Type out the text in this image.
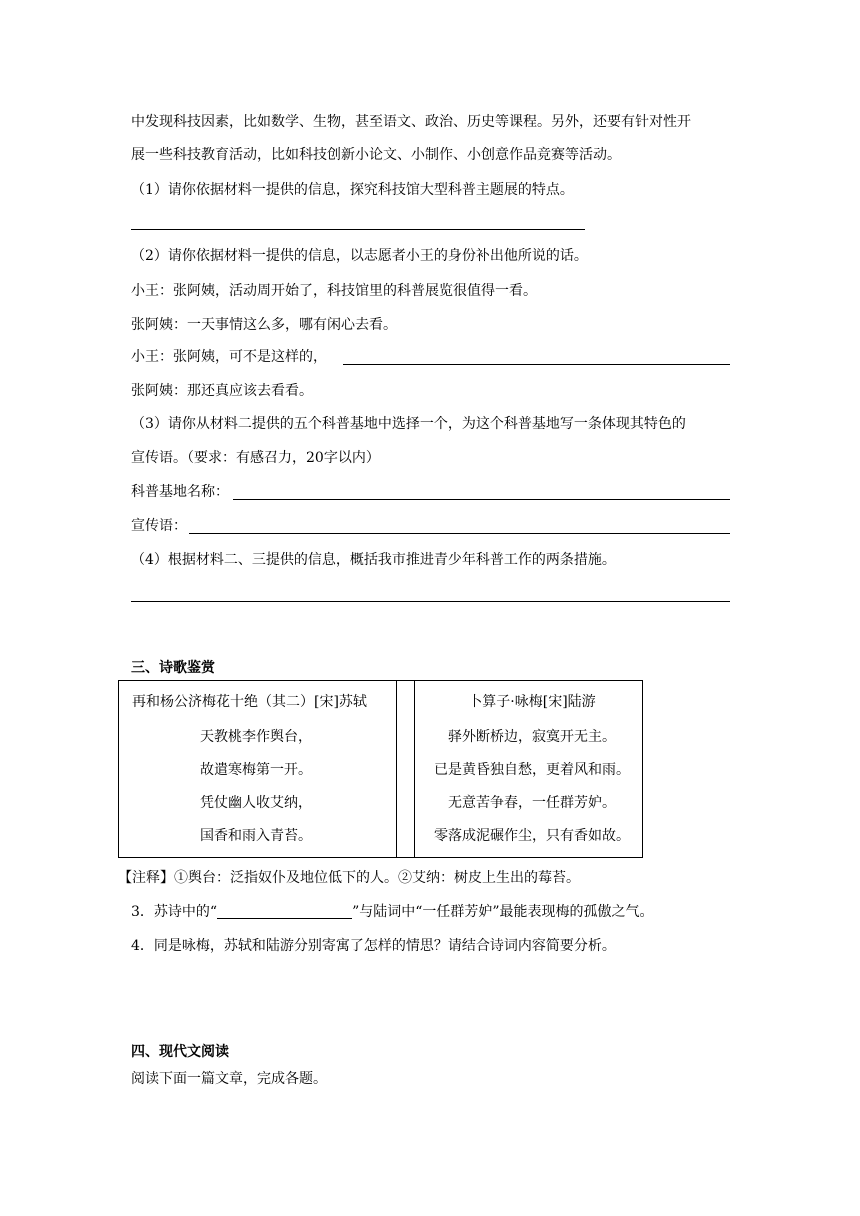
中发现科技因素，比如数学、生物，甚至语文、政治、历史等课程。另外，还要有针对性开
展一些科技教育活动，比如科技创新小论文、小制作、小创意作品竞赛等活动。
（1）请你依据材料一提供的信息，探究科技馆大型科普主题展的特点。
（2）请你依据材料一提供的信息，以志愿者小王的身份补出他所说的话。
小王：张阿姨，活动周开始了，科技馆里的科普展览很值得一看。
张阿姨：一天事情这么多，哪有闲心去看。
小王：张阿姨，可不是这样的，
张阿姨：那还真应该去看看。
（3）请你从材料二提供的五个科普基地中选择一个，为这个科普基地写一条体现其特色的
宣传语。（要求：有感召力，20字以内）
科普基地名称：
宣传语：
（4）根据材料二、三提供的信息，概括我市推进青少年科普工作的两条措施。
三、诗歌鉴赏
再和杨公济梅花十绝（其二）[宋]苏轼
天教桃李作舆台，
故遣寒梅第一开。
凭仗幽人收艾纳，
国香和雨入青苔。
卜算子·咏梅[宋]陆游
驿外断桥边，寂寞开无主。
已是黄昏独自愁，更着风和雨。
无意苦争春，一任群芳妒。
零落成泥碾作尘，只有香如故。
【注释】①舆台：泛指奴仆及地位低下的人。②艾纳：树皮上生出的莓苔。
3．苏诗中的“	”与陆词中“一任群芳妒”最能表现梅的孤傲之气。
4．同是咏梅，苏轼和陆游分别寄寓了怎样的情思？请结合诗词内容简要分析。
四、现代文阅读
阅读下面一篇文章，完成各题。
